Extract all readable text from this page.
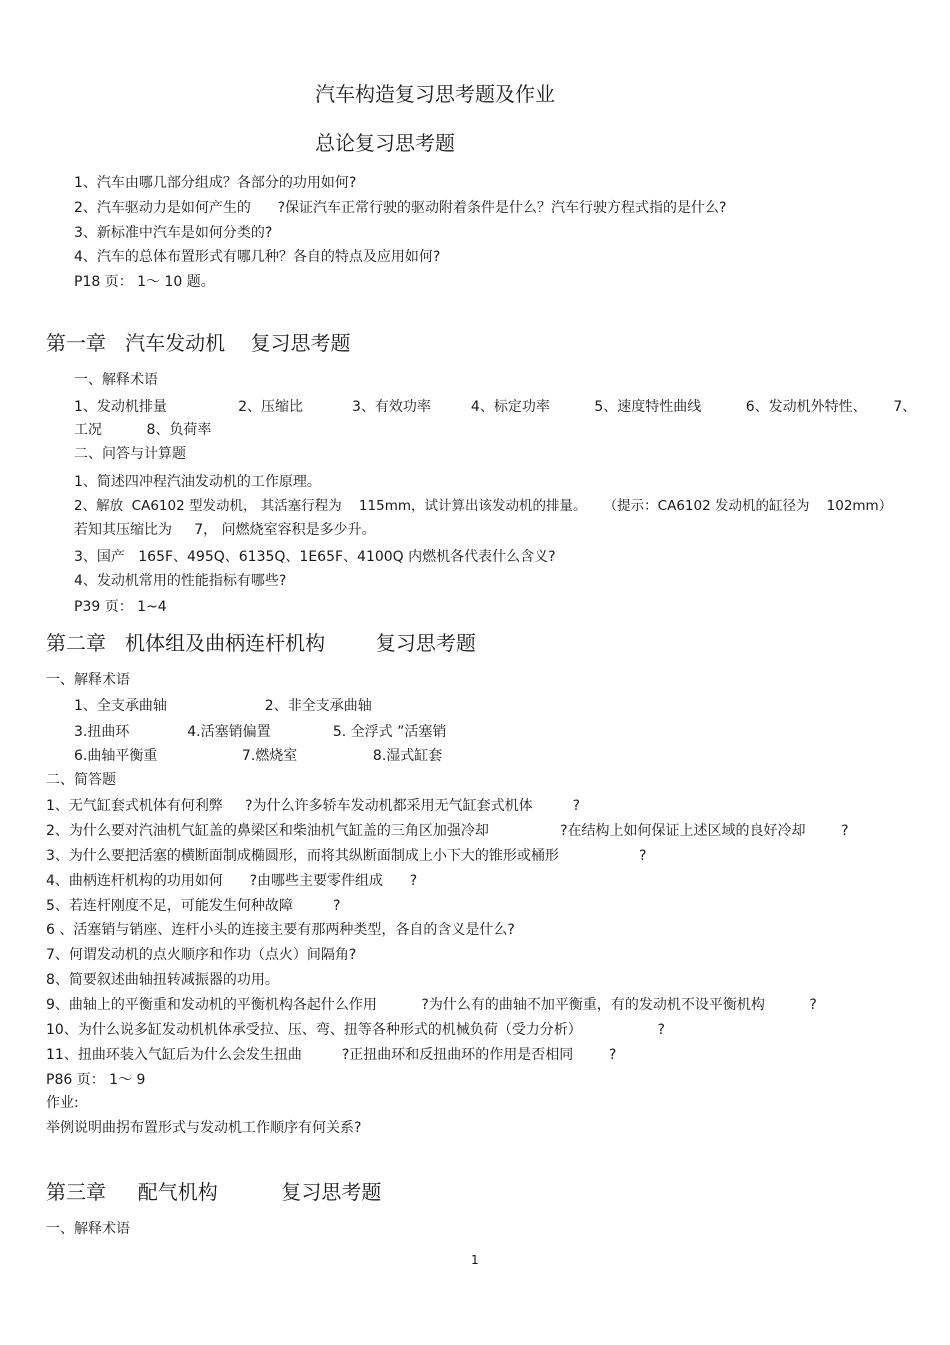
汽车构造复习思考题及作业
总论复习思考题
1、汽车由哪几部分组成？各部分的功用如何?
2、汽车驱动力是如何产生的      ?保证汽车正常行驶的驱动附着条件是什么？汽车行驶方程式指的是什么?
3、新标准中汽车是如何分类的?
4、汽车的总体布置形式有哪几种？各自的特点及应用如何?
P18 页： 1～ 10 题。
第一章   汽车发动机    复习思考题
一、解释术语
1、发动机排量                2、压缩比           3、有效功率         4、标定功率          5、速度特性曲线          6、发动机外特性、      7、
工况          8、负荷率
二、问答与计算题
1、简述四冲程汽油发动机的工作原理。
2、解放  CA6102 型发动机， 其活塞行程为    115mm，试计算出该发动机的排量。    （提示：CA6102 发动机的缸径为    102mm）
若知其压缩比为     7， 问燃烧室容积是多少升。
3、国产   165F、495Q、6135Q、1E65F、4100Q 内燃机各代表什么含义?
4、发动机常用的性能指标有哪些?
P39 页： 1~4
第二章   机体组及曲柄连杆机构        复习思考题
一、解释术语
1、全支承曲轴                      2、非全支承曲轴
3.扭曲环             4.活塞销偏置              5. 全浮式 ”活塞销
6.曲轴平衡重                   7.燃烧室                 8.湿式缸套
二、简答题
1、无气缸套式机体有何利弊     ?为什么许多轿车发动机都采用无气缸套式机体         ?
2、为什么要对汽油机气缸盖的鼻梁区和柴油机气缸盖的三角区加强冷却                ?在结构上如何保证上述区域的良好冷却        ?
3、为什么要把活塞的横断面制成椭圆形，而将其纵断面制成上小下大的锥形或桶形                  ?
4、曲柄连杆机构的功用如何      ?由哪些主要零件组成      ?
5、若连杆刚度不足，可能发生何种故障         ?
6 、活塞销与销座、连杆小头的连接主要有那两种类型，各自的含义是什么?
7、何谓发动机的点火顺序和作功（点火）间隔角?
8、简要叙述曲轴扭转减振器的功用。
9、曲轴上的平衡重和发动机的平衡机构各起什么作用          ?为什么有的曲轴不加平衡重，有的发动机不设平衡机构          ?
10、为什么说多缸发动机机体承受拉、压、弯、扭等各种形式的机械负荷（受力分析）                 ?
11、扭曲环装入气缸后为什么会发生扭曲         ?正扭曲环和反扭曲环的作用是否相同        ?
P86 页： 1～ 9
作业:
举例说明曲拐布置形式与发动机工作顺序有何关系?
第三章     配气机构          复习思考题
一、解释术语
1
